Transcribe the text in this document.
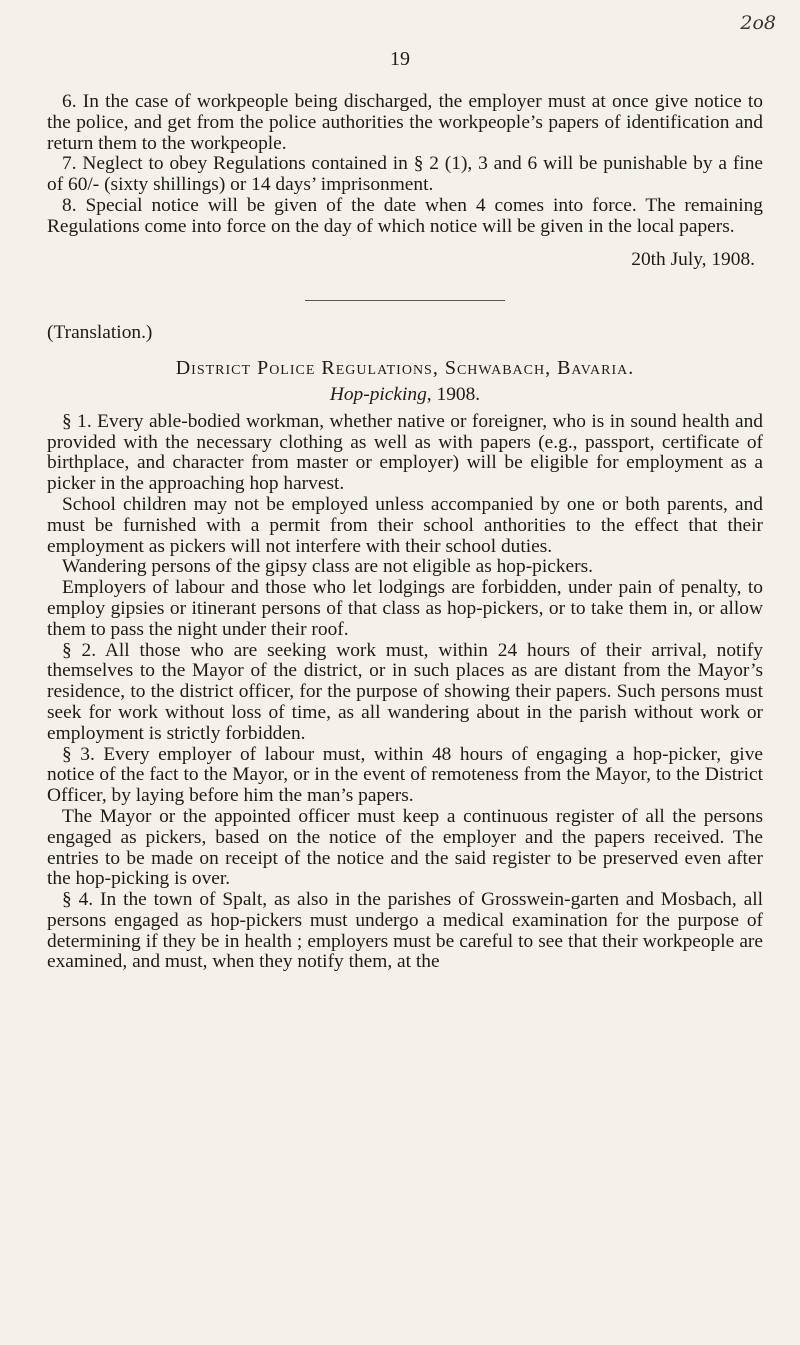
2o8
19

6. In the case of workpeople being discharged, the employer must at once give notice to the police, and get from the police authorities the workpeople’s papers of identification and return them to the workpeople.

7. Neglect to obey Regulations contained in § 2 (1), 3 and 6 will be punishable by a fine of 60/- (sixty shillings) or 14 days’ imprisonment.

8. Special notice will be given of the date when 4 comes into force. The remaining Regulations come into force on the day of which notice will be given in the local papers.

20th July, 1908.

(Translation.)

District Police Regulations, Schwabach, Bavaria.

Hop-picking, 1908.

§ 1. Every able-bodied workman, whether native or foreigner, who is in sound health and provided with the necessary clothing as well as with papers (e.g., passport, certificate of birthplace, and character from master or employer) will be eligible for employment as a picker in the approaching hop harvest.

School children may not be employed unless accompanied by one or both parents, and must be furnished with a permit from their school anthorities to the effect that their employment as pickers will not interfere with their school duties.

Wandering persons of the gipsy class are not eligible as hop-pickers.

Employers of labour and those who let lodgings are forbidden, under pain of penalty, to employ gipsies or itinerant persons of that class as hop-pickers, or to take them in, or allow them to pass the night under their roof.

§ 2. All those who are seeking work must, within 24 hours of their arrival, notify themselves to the Mayor of the district, or in such places as are distant from the Mayor’s residence, to the district officer, for the purpose of showing their papers. Such persons must seek for work without loss of time, as all wandering about in the parish without work or employment is strictly forbidden.

§ 3. Every employer of labour must, within 48 hours of engaging a hop-picker, give notice of the fact to the Mayor, or in the event of remoteness from the Mayor, to the District Officer, by laying before him the man’s papers.

The Mayor or the appointed officer must keep a continuous register of all the persons engaged as pickers, based on the notice of the employer and the papers received. The entries to be made on receipt of the notice and the said register to be preserved even after the hop-picking is over.

§ 4. In the town of Spalt, as also in the parishes of Grosswein-garten and Mosbach, all persons engaged as hop-pickers must undergo a medical examination for the purpose of determining if they be in health ; employers must be careful to see that their workpeople are examined, and must, when they notify them, at the
